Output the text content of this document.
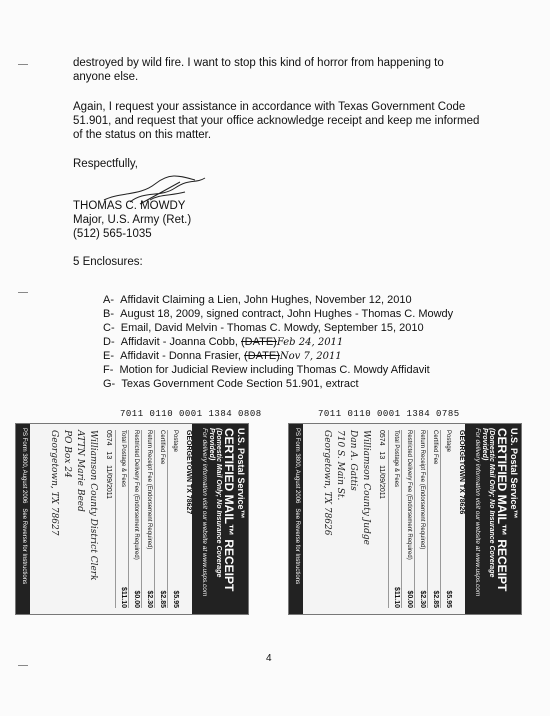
destroyed by wild fire. I want to stop this kind of horror from happening to
anyone else.
Again, I request your assistance in accordance with Texas Government Code
51.901, and request that your office acknowledge receipt and keep me informed
of the status on this matter.
Respectfully,
THOMAS C. MOWDY
Major, U.S. Army (Ret.)
(512) 565-1035
5 Enclosures:
A- Affidavit Claiming a Lien, John Hughes, November 12, 2010
B- August 18, 2009, signed contract, John Hughes - Thomas C. Mowdy
C- Email, David Melvin - Thomas C. Mowdy, September 15, 2010
D- Affidavit - Joanna Cobb, (DATE)Feb 24, 2011
E- Affidavit - Donna Frasier, (DATE)Nov 7, 2011
F- Motion for Judicial Review including Thomas C. Mowdy Affidavit
G- Texas Government Code Section 51.901, extract
7011 0110 0001 1384 0808
U.S. Postal Service™
CERTIFIED MAIL™ RECEIPT
(Domestic Mail Only; No Insurance Coverage Provided)
For delivery information visit our website at www.usps.com
GEORGETOWN TX 78627
Postage
$5.95
Certified Fee
$2.85
Return Receipt Fee (Endorsement Required)
$2.30
Restricted Delivery Fee (Endorsement Required)
$0.00
Total Postage & Fees
$11.10
0574   13   11/09/2011
Williamson County District Clerk
ATTN Marie Beed
PO Box 24
Georgetown, TX 78627
PS Form 3800, August 2006   See Reverse for Instructions
7011 0110 0001 1384 0785
U.S. Postal Service™
CERTIFIED MAIL™ RECEIPT
(Domestic Mail Only; No Insurance Coverage Provided)
For delivery information visit our website at www.usps.com
GEORGETOWN TX 78626
Postage
$5.95
Certified Fee
$2.85
Return Receipt Fee (Endorsement Required)
$2.30
Restricted Delivery Fee (Endorsement Required)
$0.00
Total Postage & Fees
$11.10
0574   13   11/09/2011
Williamson County Judge
Dan A. Gattis
710 S. Main St.
Georgetown, TX 78626
PS Form 3800, August 2006   See Reverse for Instructions
4
